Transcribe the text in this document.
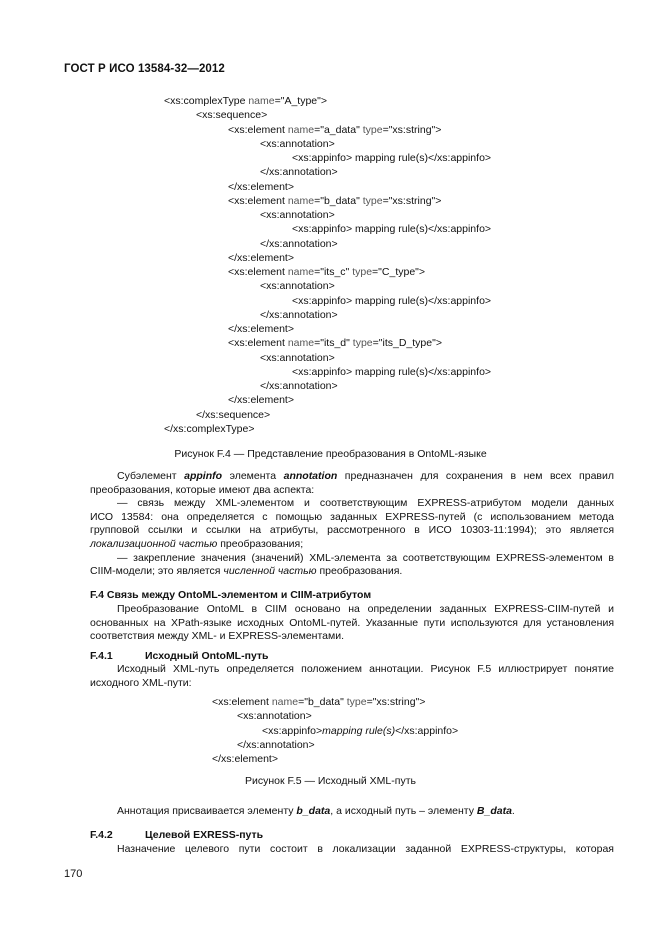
ГОСТ Р ИСО 13584-32—2012
<xs:complexType name="A_type">
<xs:sequence>
<xs:element name="a_data" type="xs:string">
<xs:annotation>
<xs:appinfo> mapping rule(s)</xs:appinfo>
</xs:annotation>
</xs:element>
<xs:element name="b_data" type="xs:string">
<xs:annotation>
<xs:appinfo> mapping rule(s)</xs:appinfo>
</xs:annotation>
</xs:element>
<xs:element name="its_c" type="C_type">
<xs:annotation>
<xs:appinfo> mapping rule(s)</xs:appinfo>
</xs:annotation>
</xs:element>
<xs:element name="its_d" type="its_D_type">
<xs:annotation>
<xs:appinfo> mapping rule(s)</xs:appinfo>
</xs:annotation>
</xs:element>
</xs:sequence>
</xs:complexType>
Рисунок F.4 — Представление преобразования в OntoML-языке
Субэлемент appinfo элемента annotation предназначен для сохранения в нем всех правил
преобразования, которые имеют два аспекта:
— связь между XML-элементом и соответствующим EXPRESS-атрибутом модели данных
ИСО 13584: она определяется с помощью заданных EXPRESS-путей (с использованием метода
групповой ссылки и ссылки на атрибуты, рассмотренного в ИСО 10303-11:1994); это является
локализационной частью преобразования;
— закрепление значения (значений) XML-элемента за соответствующим EXPRESS-элементом в
CIIM-модели; это является численной частью преобразования.
F.4 Связь между OntoML-элементом и CIIM-атрибутом
Преобразование OntoML в CIIM основано на определении заданных EXPRESS-CIIM-путей и
основанных на XPath-языке исходных OntoML-путей. Указанные пути используются для установления
соответствия между XML- и EXPRESS-элементами.
F.4.1	Исходный OntoML-путь
Исходный XML-путь определяется положением аннотации. Рисунок F.5 иллюстрирует понятие
исходного XML-пути:
<xs:element name="b_data" type="xs:string">
<xs:annotation>
<xs:appinfo>mapping rule(s)</xs:appinfo>
</xs:annotation>
</xs:element>
Рисунок F.5 — Исходный XML-путь
Аннотация присваивается элементу b_data, а исходный путь – элементу B_data.
F.4.2	Целевой EXRESS-путь
Назначение целевого пути состоит в локализации заданной EXPRESS-структуры, которая
170
